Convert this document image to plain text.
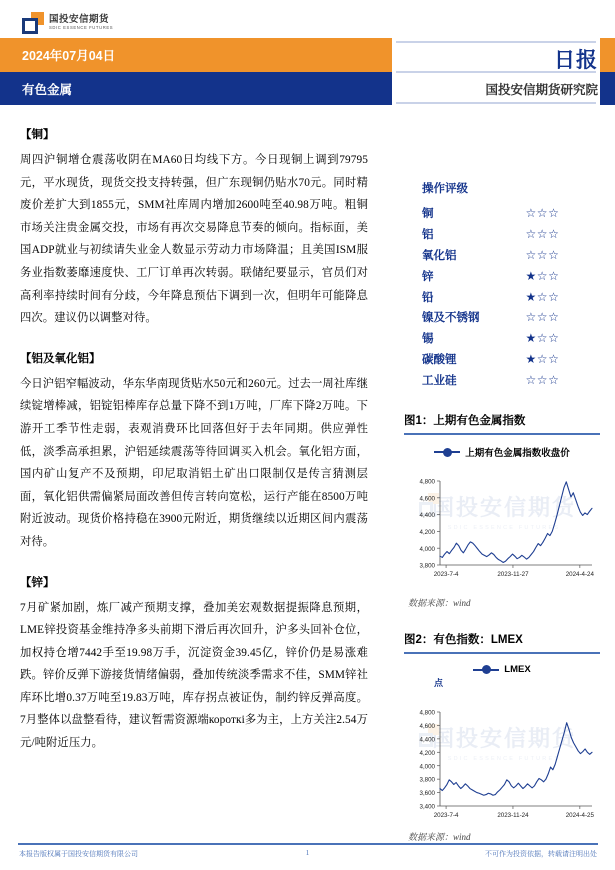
国投安信期货
SDIC ESSENCE FUTURES
2024年07月04日
有色金属
日报
国投安信期货研究院
【铜】
周四沪铜增仓震荡收阴在MA60日均线下方。今日现铜上调到79795元，平水现货，现货交投支持转强，但广东现铜仍贴水70元。同时精废价差扩大到1855元，SMM社库周内增加2600吨至40.98万吨。粗铜市场关注贵金属交投，市场有再次交易降息节奏的倾向。指标面，美国ADP就业与初续请失业金人数显示劳动力市场降温；且美国ISM服务业指数萎靡速度快、工厂订单再次转弱。联储纪要显示，官员们对高利率持续时间有分歧，今年降息预估下调到一次，但明年可能降息四次。建议仍以调整对待。
【铝及氧化铝】
今日沪铝窄幅波动，华东华南现货贴水50元和260元。过去一周社库继续锭增棒减，铝锭铝棒库存总量下降不到1万吨，厂库下降2万吨。下游开工季节性走弱，表观消费环比回落但好于去年同期。供应弹性低，淡季高承担累，沪铝延续震荡等待回调买入机会。氧化铝方面，国内矿山复产不及预期，印尼取消铝土矿出口限制仅是传言猜测层面，氧化铝供需偏紧局面改善但传言转向宽松，运行产能在8500万吨附近波动。现货价格持稳在3900元附近，期货继续以近期区间内震荡对待。
【锌】
7月矿紧加剧，炼厂减产预期支撑，叠加美宏观数据提振降息预期，LME锌投资基金维持净多头前期下滑后再次回升，沪多头回补仓位，加权持仓增7442手至19.98万手，沉淀资金39.45亿，锌价仍是易涨难跌。锌价反弹下游接货情绪偏弱，叠加传统淡季需求不佳，SMM锌社库环比增0.37万吨至19.83万吨，库存拐点被证伪，制约锌反弹高度。7月整体以盘整看待，建议暂需资源端короткі多为主，上方关注2.54万元/吨附近压力。
操作评级
铜	☆☆☆
铝	☆☆☆
氧化铝	☆☆☆
锌	★☆☆
铅	★☆☆
镍及不锈钢	☆☆☆
锡	★☆☆
碳酸锂	★☆☆
工业硅	☆☆☆
图1：上期有色金属指数
上期有色金属指数收盘价
国投安信期货
SDIC ESSENCE FUTURES
3,800
4,000
4,200
4,400
4,600
4,800
2023-7-4	2023-11-27	2024-4-24
数据来源：wind
图2：有色指数：LMEX
LMEX
点
国投安信期货
SDIC ESSENCE FUTURES
3,400
3,600
3,800
4,000
4,200
4,400
4,600
4,800
2023-7-4	2023-11-24	2024-4-25
数据来源：wind
本报告版权属于国投安信期货有限公司	1	不可作为投资依据，转载请注明出处
